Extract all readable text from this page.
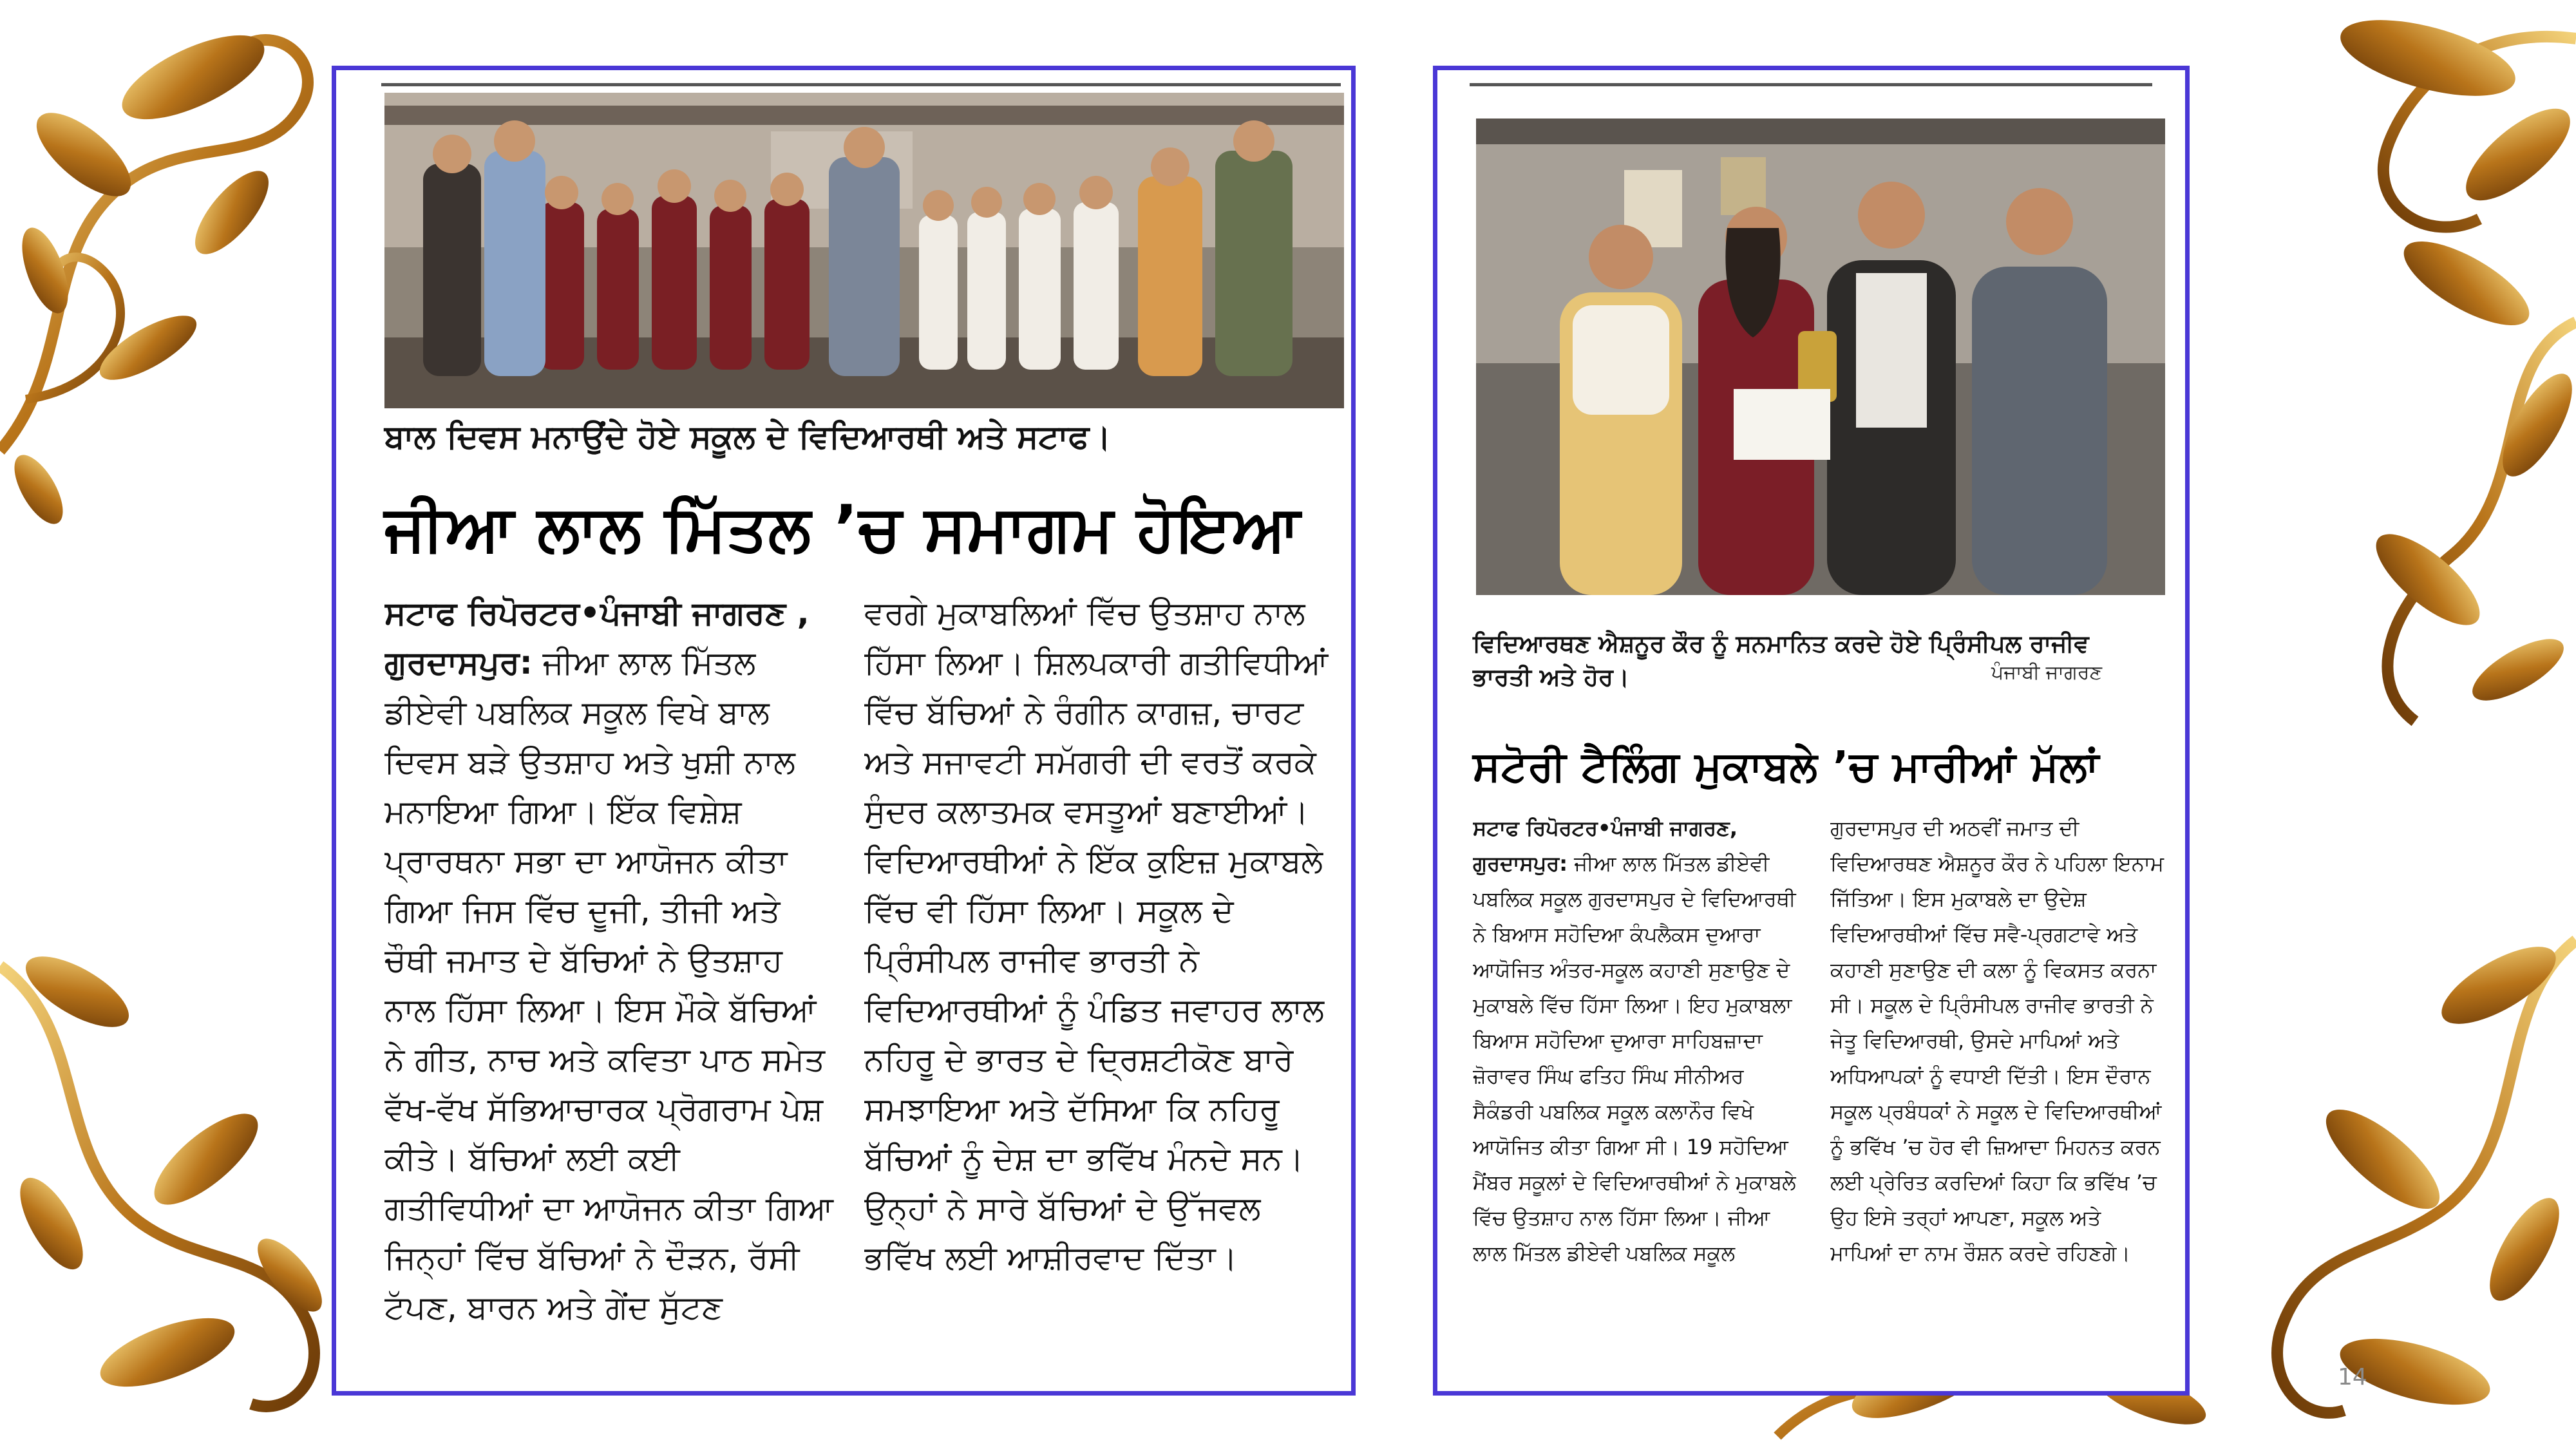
ਬਾਲ ਦਿਵਸ ਮਨਾਉਂਦੇ ਹੋਏ ਸਕੂਲ ਦੇ ਵਿਦਿਆਰਥੀ ਅਤੇ ਸਟਾਫ।
ਜੀਆ ਲਾਲ ਮਿੱਤਲ ’ਚ ਸਮਾਗਮ ਹੋਇਆ

ਸਟਾਫ ਰਿਪੋਰਟਰ•ਪੰਜਾਬੀ ਜਾਗਰਣ , ਗੁਰਦਾਸਪੁਰ: ਜੀਆ ਲਾਲ ਮਿੱਤਲ ਡੀਏਵੀ ਪਬਲਿਕ ਸਕੂਲ ਵਿਖੇ ਬਾਲ ਦਿਵਸ ਬੜੇ ਉਤਸ਼ਾਹ ਅਤੇ ਖੁਸ਼ੀ ਨਾਲ ਮਨਾਇਆ ਗਿਆ। ਇੱਕ ਵਿਸ਼ੇਸ਼ ਪ੍ਰਾਰਥਨਾ ਸਭਾ ਦਾ ਆਯੋਜਨ ਕੀਤਾ ਗਿਆ ਜਿਸ ਵਿੱਚ ਦੂਜੀ, ਤੀਜੀ ਅਤੇ ਚੌਥੀ ਜਮਾਤ ਦੇ ਬੱਚਿਆਂ ਨੇ ਉਤਸ਼ਾਹ ਨਾਲ ਹਿੱਸਾ ਲਿਆ। ਇਸ ਮੌਕੇ ਬੱਚਿਆਂ ਨੇ ਗੀਤ, ਨਾਚ ਅਤੇ ਕਵਿਤਾ ਪਾਠ ਸਮੇਤ ਵੱਖ-ਵੱਖ ਸੱਭਿਆਚਾਰਕ ਪ੍ਰੋਗਰਾਮ ਪੇਸ਼ ਕੀਤੇ। ਬੱਚਿਆਂ ਲਈ ਕਈ ਗਤੀਵਿਧੀਆਂ ਦਾ ਆਯੋਜਨ ਕੀਤਾ ਗਿਆ ਜਿਨ੍ਹਾਂ ਵਿੱਚ ਬੱਚਿਆਂ ਨੇ ਦੌੜਨ, ਰੱਸੀ ਟੱਪਣ, ਬਾਰਨ ਅਤੇ ਗੇਂਦ ਸੁੱਟਣ

ਵਰਗੇ ਮੁਕਾਬਲਿਆਂ ਵਿੱਚ ਉਤਸ਼ਾਹ ਨਾਲ ਹਿੱਸਾ ਲਿਆ। ਸ਼ਿਲਪਕਾਰੀ ਗਤੀਵਿਧੀਆਂ ਵਿੱਚ ਬੱਚਿਆਂ ਨੇ ਰੰਗੀਨ ਕਾਗਜ਼, ਚਾਰਟ ਅਤੇ ਸਜਾਵਟੀ ਸਮੱਗਰੀ ਦੀ ਵਰਤੋਂ ਕਰਕੇ ਸੁੰਦਰ ਕਲਾਤਮਕ ਵਸਤੂਆਂ ਬਣਾਈਆਂ। ਵਿਦਿਆਰਥੀਆਂ ਨੇ ਇੱਕ ਕੁਇਜ਼ ਮੁਕਾਬਲੇ ਵਿੱਚ ਵੀ ਹਿੱਸਾ ਲਿਆ। ਸਕੂਲ ਦੇ ਪ੍ਰਿੰਸੀਪਲ ਰਾਜੀਵ ਭਾਰਤੀ ਨੇ ਵਿਦਿਆਰਥੀਆਂ ਨੂੰ ਪੰਡਿਤ ਜਵਾਹਰ ਲਾਲ ਨਹਿਰੂ ਦੇ ਭਾਰਤ ਦੇ ਦ੍ਰਿਸ਼ਟੀਕੋਣ ਬਾਰੇ ਸਮਝਾਇਆ ਅਤੇ ਦੱਸਿਆ ਕਿ ਨਹਿਰੂ ਬੱਚਿਆਂ ਨੂੰ ਦੇਸ਼ ਦਾ ਭਵਿੱਖ ਮੰਨਦੇ ਸਨ। ਉਨ੍ਹਾਂ ਨੇ ਸਾਰੇ ਬੱਚਿਆਂ ਦੇ ਉੱਜਵਲ ਭਵਿੱਖ ਲਈ ਆਸ਼ੀਰਵਾਦ ਦਿੱਤਾ।

ਵਿਦਿਆਰਥਣ ਐਸ਼ਨੂਰ ਕੌਰ ਨੂੰ ਸਨਮਾਨਿਤ ਕਰਦੇ ਹੋਏ ਪ੍ਰਿੰਸੀਪਲ ਰਾਜੀਵ ਭਾਰਤੀ ਅਤੇ ਹੋਰ।	ਪੰਜਾਬੀ ਜਾਗਰਣ
ਸਟੋਰੀ ਟੈਲਿੰਗ ਮੁਕਾਬਲੇ ’ਚ ਮਾਰੀਆਂ ਮੱਲਾਂ

ਸਟਾਫ ਰਿਪੋਰਟਰ•ਪੰਜਾਬੀ ਜਾਗਰਣ, ਗੁਰਦਾਸਪੁਰ: ਜੀਆ ਲਾਲ ਮਿੱਤਲ ਡੀਏਵੀ ਪਬਲਿਕ ਸਕੂਲ ਗੁਰਦਾਸਪੁਰ ਦੇ ਵਿਦਿਆਰਥੀ ਨੇ ਬਿਆਸ ਸਹੋਦਿਆ ਕੰਪਲੈਕਸ ਦੁਆਰਾ ਆਯੋਜਿਤ ਅੰਤਰ-ਸਕੂਲ ਕਹਾਣੀ ਸੁਣਾਉਣ ਦੇ ਮੁਕਾਬਲੇ ਵਿੱਚ ਹਿੱਸਾ ਲਿਆ। ਇਹ ਮੁਕਾਬਲਾ ਬਿਆਸ ਸਹੋਦਿਆ ਦੁਆਰਾ ਸਾਹਿਬਜ਼ਾਦਾ ਜ਼ੋਰਾਵਰ ਸਿੰਘ ਫਤਿਹ ਸਿੰਘ ਸੀਨੀਅਰ ਸੈਕੰਡਰੀ ਪਬਲਿਕ ਸਕੂਲ ਕਲਾਨੌਰ ਵਿਖੇ ਆਯੋਜਿਤ ਕੀਤਾ ਗਿਆ ਸੀ। 19 ਸਹੋਦਿਆ ਮੈਂਬਰ ਸਕੂਲਾਂ ਦੇ ਵਿਦਿਆਰਥੀਆਂ ਨੇ ਮੁਕਾਬਲੇ ਵਿੱਚ ਉਤਸ਼ਾਹ ਨਾਲ ਹਿੱਸਾ ਲਿਆ। ਜੀਆ ਲਾਲ ਮਿੱਤਲ ਡੀਏਵੀ ਪਬਲਿਕ ਸਕੂਲ

ਗੁਰਦਾਸਪੁਰ ਦੀ ਅਠਵੀਂ ਜਮਾਤ ਦੀ ਵਿਦਿਆਰਥਣ ਐਸ਼ਨੂਰ ਕੌਰ ਨੇ ਪਹਿਲਾ ਇਨਾਮ ਜਿੱਤਿਆ। ਇਸ ਮੁਕਾਬਲੇ ਦਾ ਉਦੇਸ਼ ਵਿਦਿਆਰਥੀਆਂ ਵਿੱਚ ਸਵੈ-ਪ੍ਰਗਟਾਵੇ ਅਤੇ ਕਹਾਣੀ ਸੁਣਾਉਣ ਦੀ ਕਲਾ ਨੂੰ ਵਿਕਸਤ ਕਰਨਾ ਸੀ। ਸਕੂਲ ਦੇ ਪ੍ਰਿੰਸੀਪਲ ਰਾਜੀਵ ਭਾਰਤੀ ਨੇ ਜੇਤੂ ਵਿਦਿਆਰਥੀ, ਉਸਦੇ ਮਾਪਿਆਂ ਅਤੇ ਅਧਿਆਪਕਾਂ ਨੂੰ ਵਧਾਈ ਦਿੱਤੀ। ਇਸ ਦੌਰਾਨ ਸਕੂਲ ਪ੍ਰਬੰਧਕਾਂ ਨੇ ਸਕੂਲ ਦੇ ਵਿਦਿਆਰਥੀਆਂ ਨੂੰ ਭਵਿੱਖ ’ਚ ਹੋਰ ਵੀ ਜ਼ਿਆਦਾ ਮਿਹਨਤ ਕਰਨ ਲਈ ਪ੍ਰੇਰਿਤ ਕਰਦਿਆਂ ਕਿਹਾ ਕਿ ਭਵਿੱਖ ’ਚ ਉਹ ਇਸੇ ਤਰ੍ਹਾਂ ਆਪਣਾ, ਸਕੂਲ ਅਤੇ ਮਾਪਿਆਂ ਦਾ ਨਾਮ ਰੌਸ਼ਨ ਕਰਦੇ ਰਹਿਣਗੇ।

14
